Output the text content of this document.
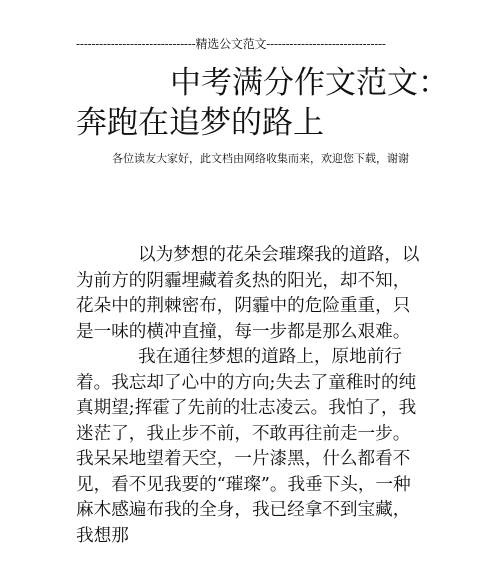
-------------------------------精选公文范文-------------------------------
中考满分作文范文：
奔跑在追梦的路上
各位读友大家好，此文档由网络收集而来，欢迎您下载，谢谢

以为梦想的花朵会璀璨我的道路，以为前方的阴霾埋藏着炙热的阳光，却不知，花朵中的荆棘密布，阴霾中的危险重重，只是一味的横冲直撞，每一步都是那么艰难。

我在通往梦想的道路上，原地前行着。我忘却了心中的方向;失去了童稚时的纯真期望;挥霍了先前的壮志凌云。我怕了，我迷茫了，我止步不前，不敢再往前走一步。我呆呆地望着天空，一片漆黑，什么都看不见，看不见我要的“璀璨”。我垂下头，一种麻木感遍布我的全身，我已经拿不到宝藏，我想那
